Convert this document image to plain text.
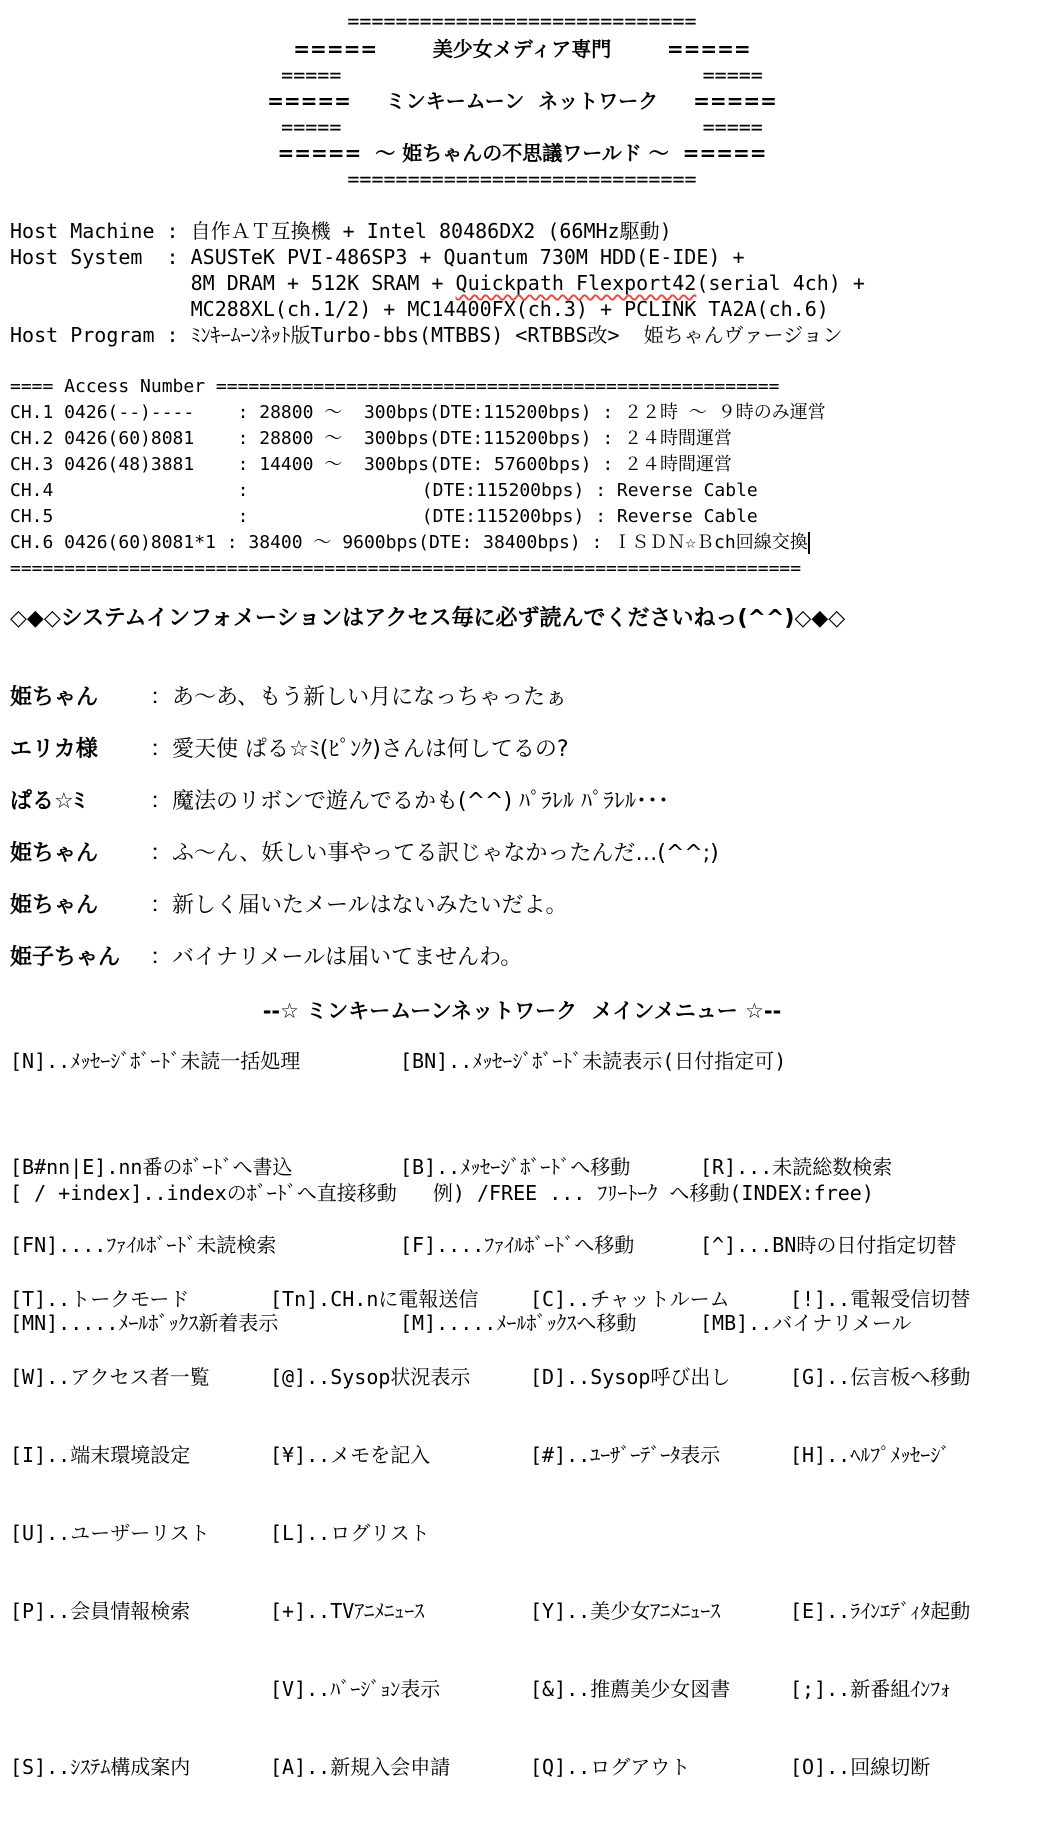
=============================
=====        美少女メディア専門        =====
=====                              =====
=====     ミンキームーン  ネットワーク     =====
=====                              =====
=====  〜 姫ちゃんの不思議ワールド 〜  =====
=============================
Host Machine : 自作ＡＴ互換機 + Intel 80486DX2 (66MHz駆動)
Host System  : ASUSTeK PVI-486SP3 + Quantum 730M HDD(E-IDE) +
8M DRAM + 512K SRAM + Quickpath Flexport42(serial 4ch) +
MC288XL(ch.1/2) + MC14400FX(ch.3) + PCLINK TA2A(ch.6)
Host Program : ﾐﾝｷｰﾑｰﾝﾈｯﾄ版Turbo-bbs(MTBBS) <RTBBS改>  姫ちゃんヴァージョン
==== Access Number ====================================================
CH.1 0426(--)----    : 28800 〜  300bps(DTE:115200bps) : ２２時 〜 ９時のみ運営
CH.2 0426(60)8081    : 28800 〜  300bps(DTE:115200bps) : ２４時間運営
CH.3 0426(48)3881    : 14400 〜  300bps(DTE: 57600bps) : ２４時間運営
CH.4                 :                (DTE:115200bps) : Reverse Cable
CH.5                 :                (DTE:115200bps) : Reverse Cable
CH.6 0426(60)8081*1 : 38400 〜 9600bps(DTE: 38400bps) : ＩＳＤＮ☆Ｂch回線交換
=========================================================================
◇◆◇システムインフォメーションはアクセス毎に必ず読んでくださいねっ(^^)◇◆◇
姫ちゃん ：あ〜あ、もう新しい月になっちゃったぁ
エリカ様 ：愛天使 ぱる☆ﾐ(ﾋﾟﾝｸ)さんは何してるの?
ぱる☆ﾐ	：魔法のリボンで遊んでるかも(^^) ﾊﾟﾗﾚﾙ ﾊﾟﾗﾚﾙ･･･
姫ちゃん ：ふ〜ん、妖しい事やってる訳じゃなかったんだ…(^^;)
姫ちゃん ：新しく届いたメールはないみたいだよ。
姫子ちゃん ：バイナリメールは届いてませんわ。
--☆ ミンキームーンネットワーク  メインメニュー ☆--
[N]..ﾒｯｾｰｼﾞﾎﾞｰﾄﾞ未読一括処理	[BN]..ﾒｯｾｰｼﾞﾎﾞｰﾄﾞ未読表示(日付指定可)

[B#nn|E].nn番のﾎﾞｰﾄﾞへ書込

[FN]....ﾌｧｲﾙﾎﾞｰﾄﾞ未読検索

[MN].....ﾒｰﾙﾎﾞｯｸｽ新着表示

[B]..ﾒｯｾｰｼﾞﾎﾞｰﾄﾞへ移動

[F]....ﾌｧｲﾙﾎﾞｰﾄﾞへ移動

[M].....ﾒｰﾙﾎﾞｯｸｽへ移動

[R]...未読総数検索

[^]...BN時の日付指定切替

[MB]..バイナリメール

[ / +index]..indexのﾎﾞｰﾄﾞへ直接移動   例) /FREE ... ﾌﾘｰﾄｰｸ へ移動(INDEX:free)

[T]..トークモード

[W]..アクセス者一覧

[I]..端末環境設定

[U]..ユーザーリスト

[P]..会員情報検索

[S]..ｼｽﾃﾑ構成案内

[Tn].CH.nに電報送信

[@]..Sysop状況表示

[¥]..メモを記入

[L]..ログリスト

[+]..TVｱﾆﾒﾆｭｰｽ

[V]..ﾊﾞｰｼﾞｮﾝ表示

[A]..新規入会申請

[C]..チャットルーム

[D]..Sysop呼び出し

[#]..ﾕｰｻﾞｰﾃﾞｰﾀ表示

[Y]..美少女ｱﾆﾒﾆｭｰｽ

[&]..推薦美少女図書

[Q]..ログアウト

[!]..電報受信切替

[G]..伝言板へ移動

[H]..ﾍﾙﾌﾟﾒｯｾｰｼﾞ

[E]..ﾗｲﾝｴﾃﾞｨﾀ起動

[;]..新番組ｲﾝﾌｫ

[O]..回線切断
